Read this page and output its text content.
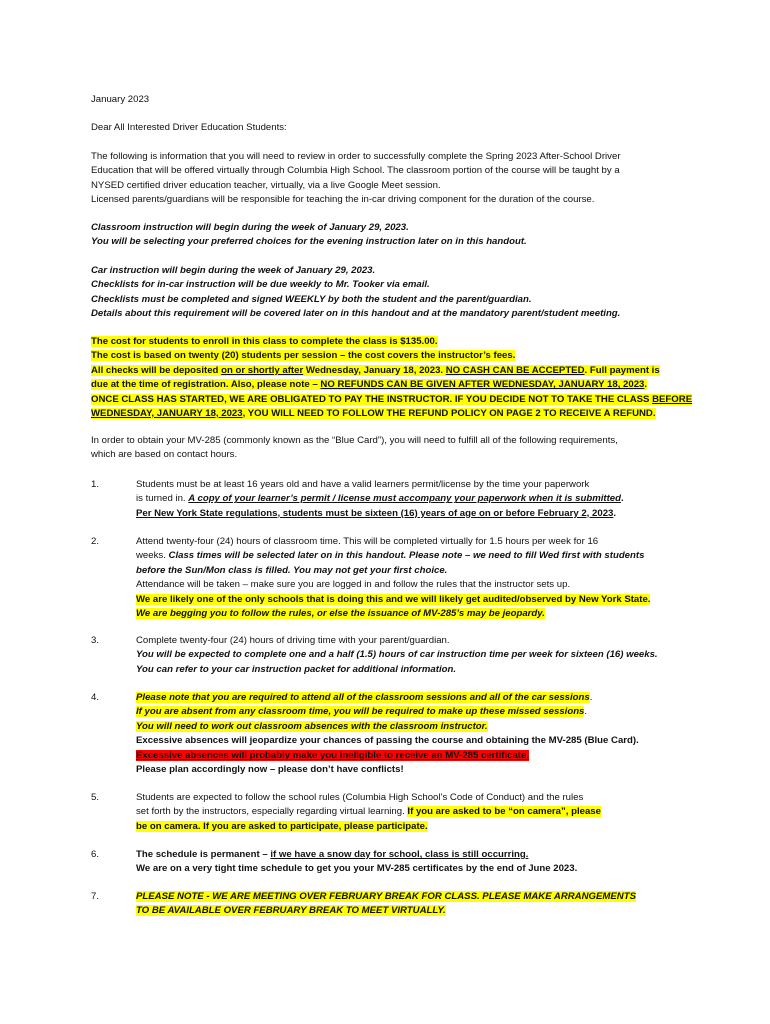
January 2023
Dear All Interested Driver Education Students:
The following is information that you will need to review in order to successfully complete the Spring 2023 After-School Driver
Education that will be offered virtually through Columbia High School. The classroom portion of the course will be taught by a
NYSED certified driver education teacher, virtually, via a live Google Meet session.
Licensed parents/guardians will be responsible for teaching the in-car driving component for the duration of the course.
Classroom instruction will begin during the week of January 29, 2023.
You will be selecting your preferred choices for the evening instruction later on in this handout.
Car instruction will begin during the week of January 29, 2023.
Checklists for in-car instruction will be due weekly to Mr. Tooker via email.
Checklists must be completed and signed WEEKLY by both the student and the parent/guardian.
Details about this requirement will be covered later on in this handout and at the mandatory parent/student meeting.
The cost for students to enroll in this class to complete the class is $135.00.
The cost is based on twenty (20) students per session – the cost covers the instructor’s fees.
All checks will be deposited on or shortly after Wednesday, January 18, 2023. NO CASH CAN BE ACCEPTED. Full payment is
due at the time of registration. Also, please note – NO REFUNDS CAN BE GIVEN AFTER WEDNESDAY, JANUARY 18, 2023.
ONCE CLASS HAS STARTED, WE ARE OBLIGATED TO PAY THE INSTRUCTOR. IF YOU DECIDE NOT TO TAKE THE CLASS BEFORE
WEDNESDAY, JANUARY 18, 2023, YOU WILL NEED TO FOLLOW THE REFUND POLICY ON PAGE 2 TO RECEIVE A REFUND.
In order to obtain your MV-285 (commonly known as the “Blue Card”), you will need to fulfill all of the following requirements,
which are based on contact hours.
1.	Students must be at least 16 years old and have a valid learners permit/license by the time your paperwork
is turned in. A copy of your learner’s permit / license must accompany your paperwork when it is submitted.
Per New York State regulations, students must be sixteen (16) years of age on or before February 2, 2023.
2.	Attend twenty-four (24) hours of classroom time. This will be completed virtually for 1.5 hours per week for 16
weeks. Class times will be selected later on in this handout. Please note – we need to fill Wed first with students
before the Sun/Mon class is filled. You may not get your first choice.
Attendance will be taken – make sure you are logged in and follow the rules that the instructor sets up.
We are likely one of the only schools that is doing this and we will likely get audited/observed by New York State.
We are begging you to follow the rules, or else the issuance of MV-285’s may be jeopardy.
3.	Complete twenty-four (24) hours of driving time with your parent/guardian.
You will be expected to complete one and a half (1.5) hours of car instruction time per week for sixteen (16) weeks.
You can refer to your car instruction packet for additional information.
4.	Please note that you are required to attend all of the classroom sessions and all of the car sessions.
If you are absent from any classroom time, you will be required to make up these missed sessions.
You will need to work out classroom absences with the classroom instructor.
Excessive absences will jeopardize your chances of passing the course and obtaining the MV-285 (Blue Card).
Excessive absences will probably make you ineligible to receive an MV-285 certificate.
Please plan accordingly now – please don’t have conflicts!
5.	Students are expected to follow the school rules (Columbia High School’s Code of Conduct) and the rules
set forth by the instructors, especially regarding virtual learning. If you are asked to be “on camera”, please
be on camera. If you are asked to participate, please participate.
6.	The schedule is permanent – if we have a snow day for school, class is still occurring.
We are on a very tight time schedule to get you your MV-285 certificates by the end of June 2023.
7.	PLEASE NOTE - WE ARE MEETING OVER FEBRUARY BREAK FOR CLASS. PLEASE MAKE ARRANGEMENTS
TO BE AVAILABLE OVER FEBRUARY BREAK TO MEET VIRTUALLY.
